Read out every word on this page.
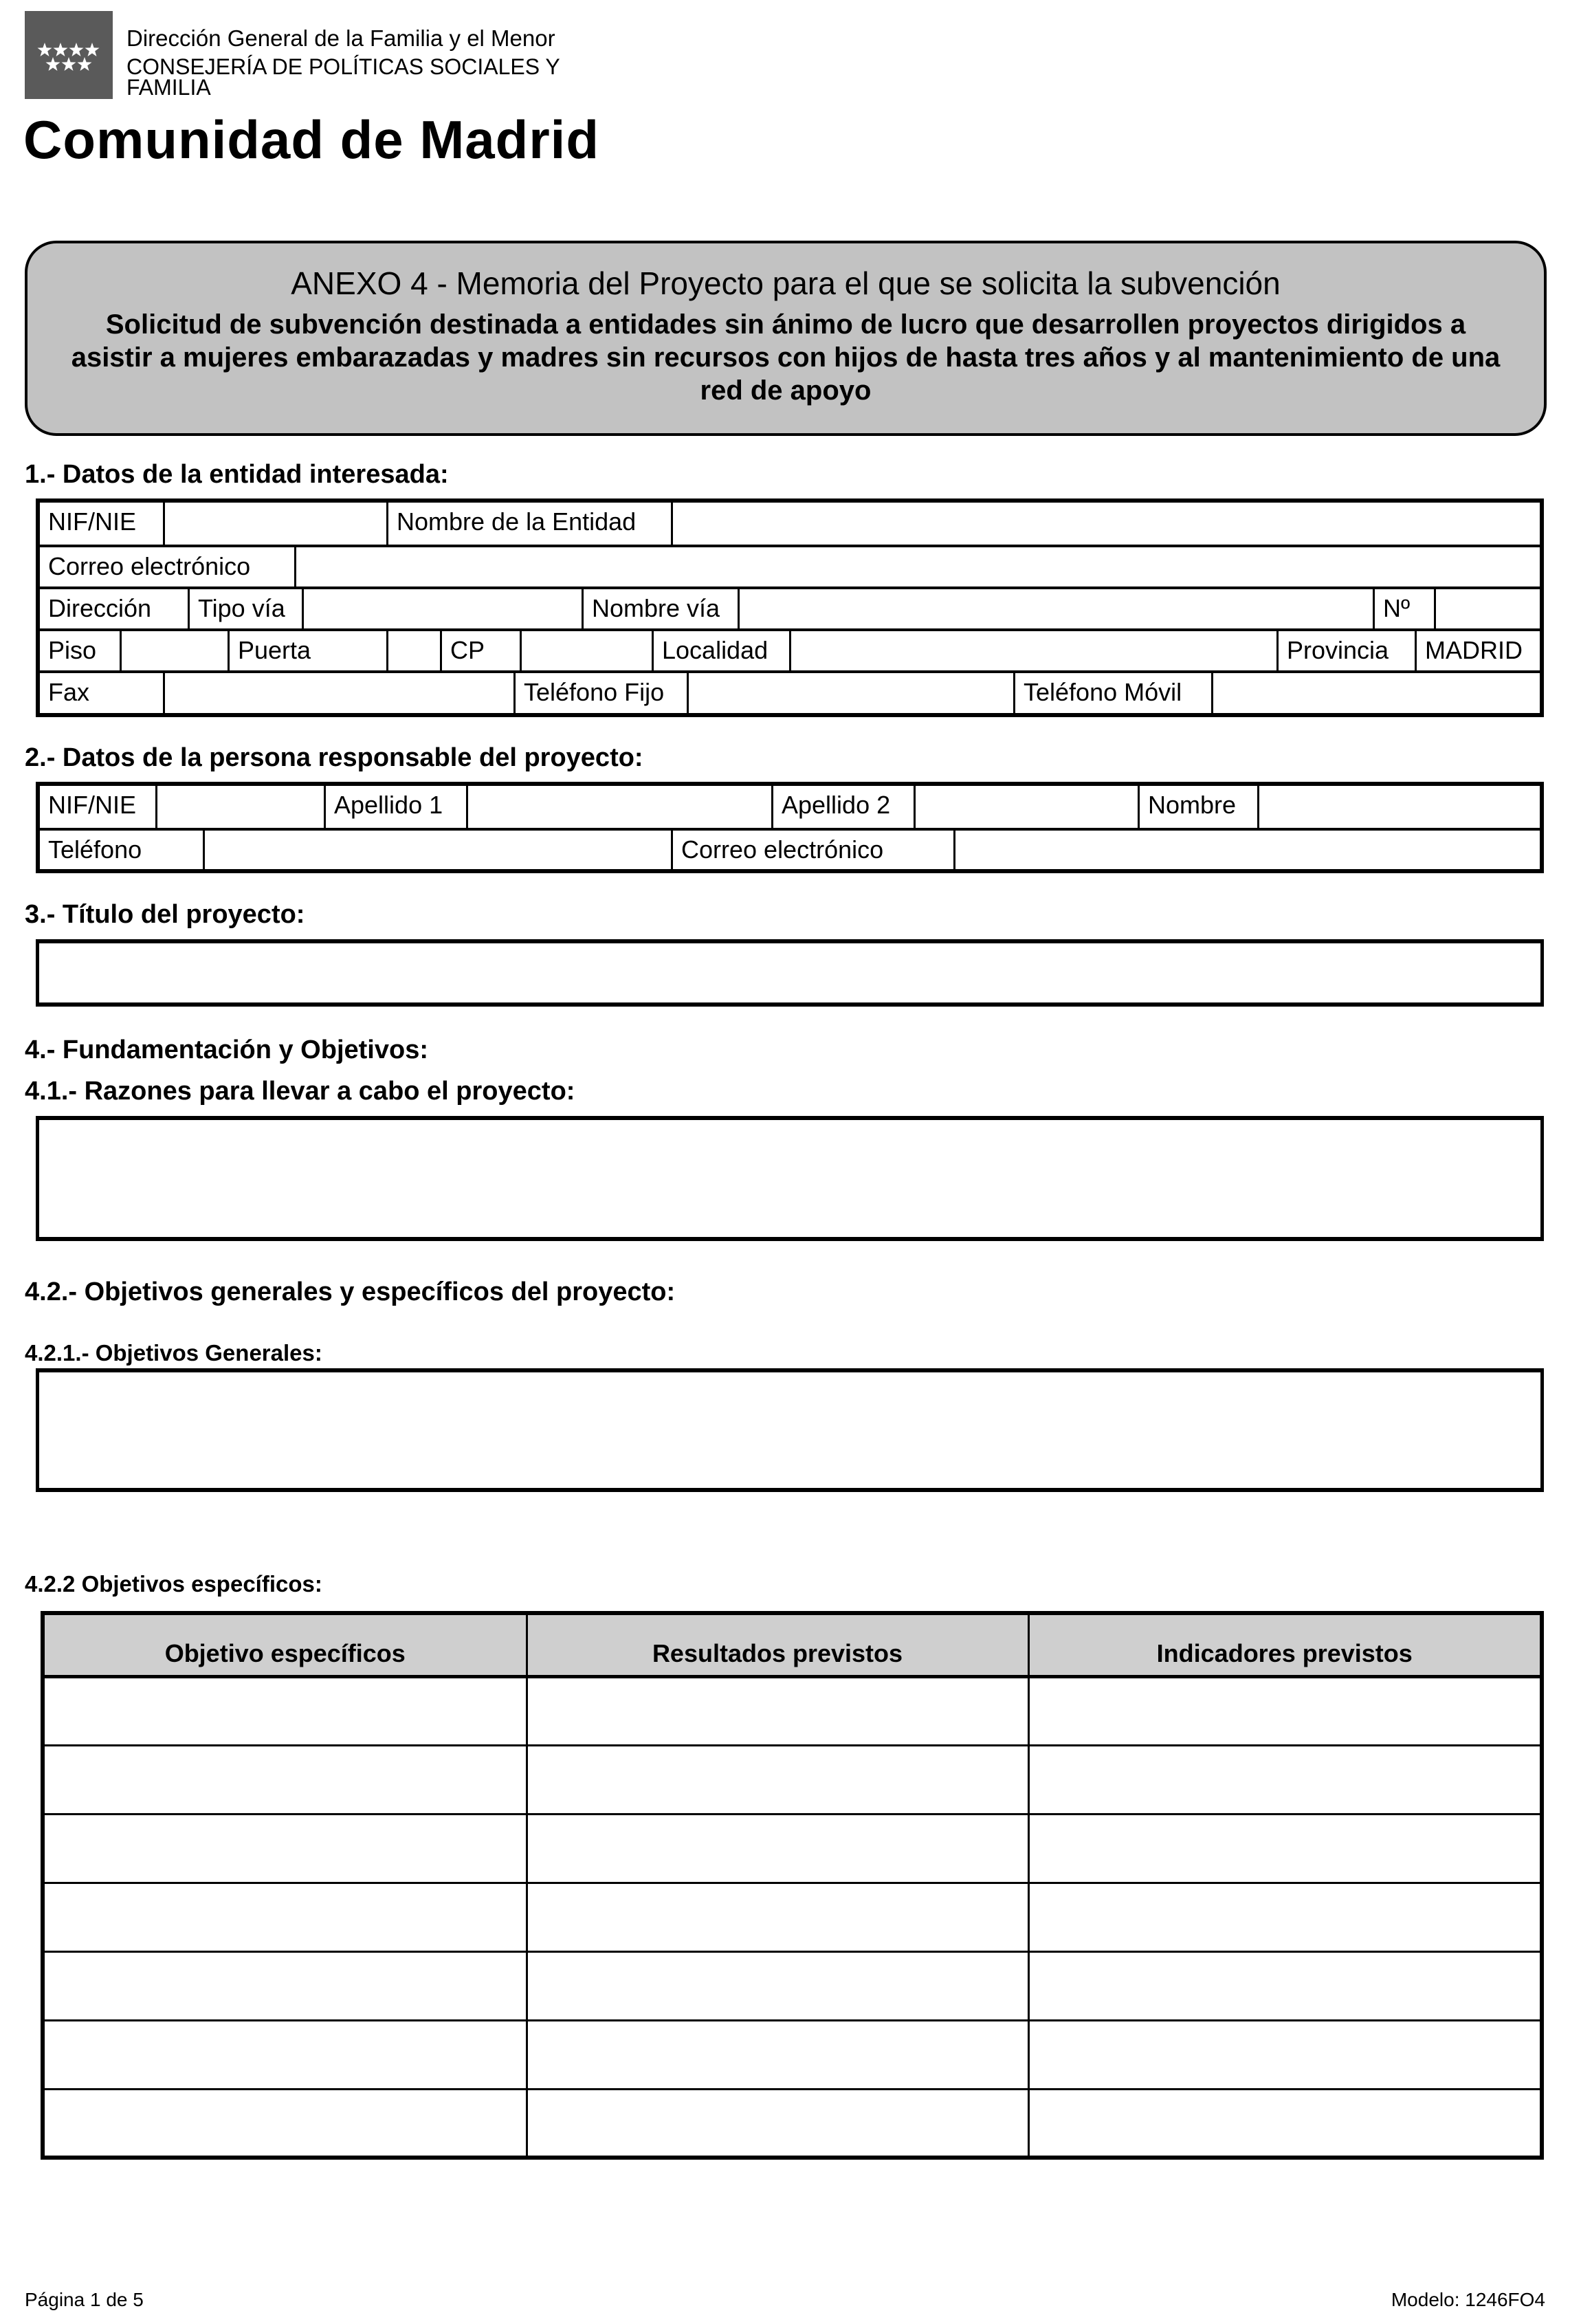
Dirección General de la Familia y el Menor
CONSEJERÍA DE POLÍTICAS SOCIALES Y FAMILIA
Comunidad de Madrid
ANEXO 4 - Memoria del Proyecto para el que se solicita la subvención
Solicitud de subvención destinada a entidades sin ánimo de lucro que desarrollen proyectos dirigidos a asistir a mujeres embarazadas y madres sin recursos con hijos de hasta tres años y al mantenimiento de una red de apoyo
1.- Datos de la entidad interesada:
NIF/NIE	Nombre de la Entidad
Correo electrónico
Dirección	Tipo vía	Nombre vía	Nº
Piso	Puerta	CP	Localidad	Provincia	MADRID
Fax	Teléfono Fijo	Teléfono Móvil
2.- Datos de la persona responsable del proyecto:
NIF/NIE	Apellido 1	Apellido 2	Nombre
Teléfono	Correo electrónico
3.- Título del proyecto:
4.- Fundamentación y Objetivos:
4.1.- Razones para llevar a cabo el proyecto:
4.2.- Objetivos generales y específicos del proyecto:
4.2.1.- Objetivos Generales:
4.2.2 Objetivos específicos:
Objetivo específicos	Resultados previstos	Indicadores previstos

Página 1 de 5	Modelo: 1246FO4
